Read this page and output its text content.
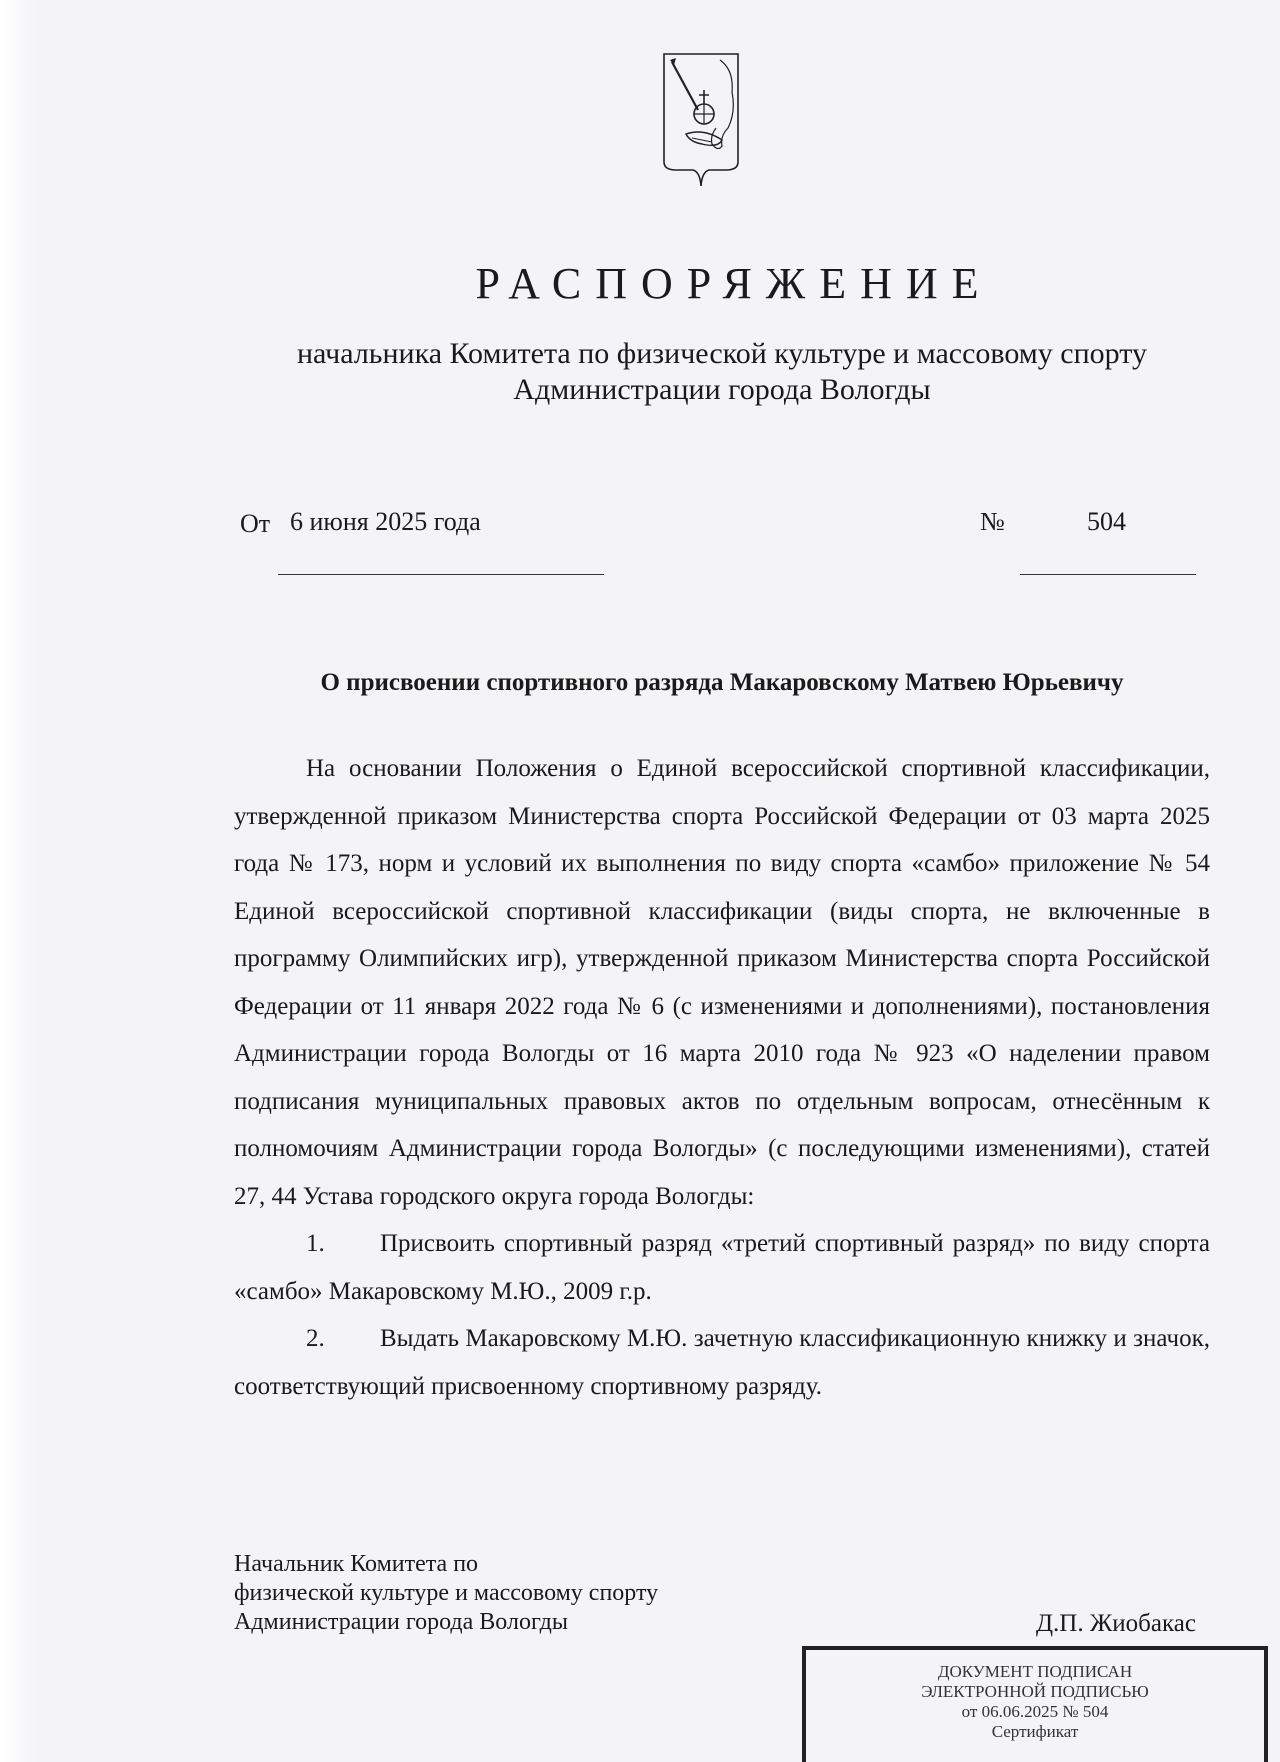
РАСПОРЯЖЕНИЕ
начальника Комитета по физической культуре и массовому спорту
Администрации города Вологды
От 6 июня 2025 года	№	504
О присвоении спортивного разряда Макаровскому Матвею Юрьевичу

На основании Положения о Единой всероссийской спортивной классификации, утвержденной приказом Министерства спорта Российской Федерации от 03 марта 2025 года № 173, норм и условий их выполнения по виду спорта «самбо» приложение № 54 Единой всероссийской спортивной классификации (виды спорта, не включенные в программу Олимпийских игр), утвержденной приказом Министерства спорта Российской Федерации от 11 января 2022 года № 6 (с изменениями и дополнениями), постановления Администрации города Вологды от 16 марта 2010 года № 923 «О наделении правом подписания муниципальных правовых актов по отдельным вопросам, отнесённым к полномочиям Администрации города Вологды» (с последующими изменениями), статей 27, 44 Устава городского округа города Вологды:

1. Присвоить спортивный разряд «третий спортивный разряд» по виду спорта «самбо» Макаровскому М.Ю., 2009 г.р.

2. Выдать Макаровскому М.Ю. зачетную классификационную книжку и значок, соответствующий присвоенному спортивному разряду.

Начальник Комитета по
физической культуре и массовому спорту
Администрации города Вологды	Д.П. Жиобакас
ДОКУМЕНТ ПОДПИСАН
ЭЛЕКТРОННОЙ ПОДПИСЬЮ
от 06.06.2025 № 504
Сертификат
